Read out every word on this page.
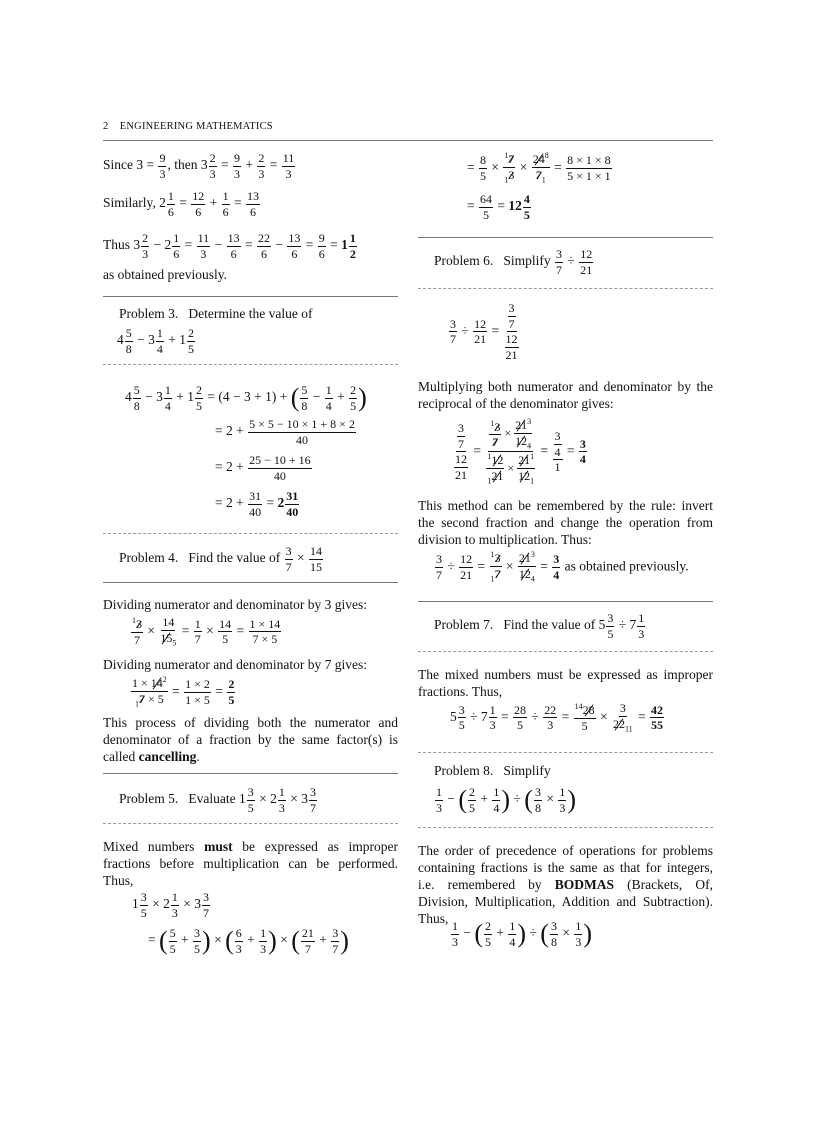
2 ENGINEERING MATHEMATICS
Since $3 = \frac{9}{3}$ , then $3 \frac{2}{3} = \frac{9}{3} + \frac{2}{3} = \frac{11}{3}$
Similarly, $2 \frac{1}{6} = \frac{12}{6} + \frac{1}{6} = \frac{13}{6}$
Thus $3 \frac{2}{3} - 2 \frac{1}{6} = \frac{11}{3} - \frac{13}{6} = \frac{22}{6} - \frac{13}{6} = \frac{9}{6} = 1 \frac{1}{2}$
as obtained previously.
Problem 3. Determine the value of
$4 \frac{5}{8} - 3 \frac{1}{4} + 1 \frac{2}{5}$
$4 \frac{5}{8} - 3 \frac{1}{4} + 1 \frac{2}{5} = (4 - 3 + 1)$ + ( $\frac{5}{8} - \frac{1}{4} + \frac{2}{5}$ )
= $2 + \frac{5 \times 5 - 10 \times 1 + 8 \times 2}{40}$
= $2 + \frac{25 - 10 + 16}{40}$
= $2 + \frac{31}{40} = 2 \frac{31}{40}$
Problem 4. Find the value of $\frac{3}{7} \times \frac{14}{15}$
Dividing numerator and denominator by 3 gives:
$\frac{^13}{7} \times \frac{14}{15_5} = \frac{1}{7} \times \frac{14}{5} = \frac{1 \times 14}{7 \times 5}$
Dividing numerator and denominator by 7 gives:
$\frac{1 \times 14^2}{_17 \times 5} = \frac{1 \times 2}{1 \times 5} = \frac{2}{5}$
This process of dividing both the numerator and denominator of a fraction by the same factor(s) is called cancelling.
Problem 5. Evaluate $1 \frac{3}{5} \times 2 \frac{1}{3} \times 3 \frac{3}{7}$
Mixed numbers must be expressed as improper fractions before multiplication can be performed. Thus,
$1 \frac{3}{5} \times 2 \frac{1}{3} \times 3 \frac{3}{7}$
= ( $\frac{5}{5} + \frac{3}{5}$ ) × ( $\frac{6}{3} + \frac{1}{3}$ ) × ( $\frac{21}{7} + \frac{3}{7}$ )
= $\frac{8}{5} \times \frac{^17}{_13} \times \frac{24^8}{7_1} = \frac{8 \times 1 \times 8}{5 \times 1 \times 1}$
= $\frac{64}{5} = 12 \frac{4}{5}$
Problem 6. Simplify $\frac{3}{7} \div \frac{12}{21}$
$\frac{3}{7} \div \frac{12}{21} = \frac{\frac{3}{7}}{\frac{12}{21}}$
Multiplying both numerator and denominator by the reciprocal of the denominator gives:
$\frac{\frac{3}{7}}{\frac{12}{21}} = \frac{\frac{^13}{7} \times \frac{21^3}{12_4}}{\frac{^112}{_121} \times \frac{21^1}{12_1}} = \frac{\frac{3}{4}}{1} = \frac{3}{4}$
This method can be remembered by the rule: invert the second fraction and change the operation from division to multiplication. Thus:
$\frac{3}{7} \div \frac{12}{21} = \frac{^13}{_17} \times \frac{21^3}{12_4} = \frac{3}{4}$ as obtained previously.
Problem 7. Find the value of $5 \frac{3}{5} \div 7 \frac{1}{3}$
The mixed numbers must be expressed as improper fractions. Thus,
$5 \frac{3}{5} \div 7 \frac{1}{3} = \frac{28}{5} \div \frac{22}{3} = \frac{^{14}28}{5} \times \frac{3}{22_{11}} = \frac{42}{55}$
Problem 8. Simplify
$\frac{1}{3}$ − ( $\frac{2}{5} + \frac{1}{4}$ ) ÷ ( $\frac{3}{8} \times \frac{1}{3}$ )
The order of precedence of operations for problems containing fractions is the same as that for integers, i.e. remembered by BODMAS (Brackets, Of, Division, Multiplication, Addition and Subtraction). Thus,
$\frac{1}{3}$ − ( $\frac{2}{5} + \frac{1}{4}$ ) ÷ ( $\frac{3}{8} \times \frac{1}{3}$ )
